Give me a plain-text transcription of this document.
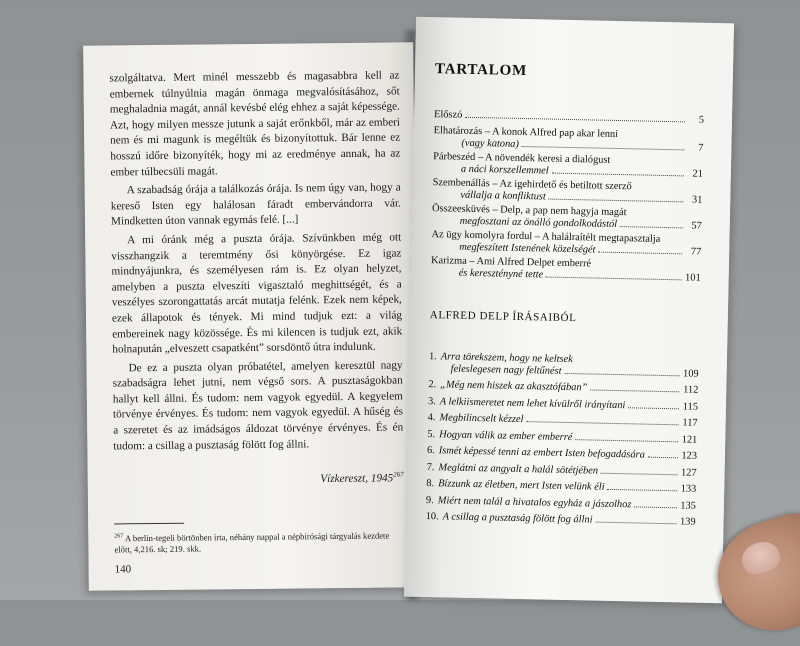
szolgáltatva. Mert minél messzebb és magasabbra kell az embernek túlnyúlnia magán önmaga megvalósításához, sőt meghaladnia magát, annál kevésbé elég ehhez a saját képessége. Azt, hogy milyen messze jutunk a saját erőnkből, már az emberi nem és mi magunk is megéltük és bizonyítottuk. Bár lenne ez hosszú időre bizonyíték, hogy mi az eredménye annak, ha az ember túlbecsüli magát.

A szabadság órája a találkozás órája. Is nem úgy van, hogy a kereső Isten egy halálosan fáradt embervándorra vár. Mindketten úton vannak egymás felé. [...]

A mi óránk még a puszta órája. Szívünkben még ott visszhangzik a teremtmény ősi könyörgése. Ez igaz mindnyájunkra, és személyesen rám is. Ez olyan helyzet, amelyben a puszta elveszíti vigasztaló meghittségét, és a veszélyes szorongattatás arcát mutatja felénk. Ezek nem képek, ezek állapotok és tények. Mi mind tudjuk ezt: a világ embereinek nagy közössége. És mi kilencen is tudjuk ezt, akik holnapután „elveszett csapatként” sorsdöntő útra indulunk.

De ez a puszta olyan próbatétel, amelyen keresztül nagy szabadságra lehet jutni, nem végső sors. A pusztaságokban hallyt kell állni. És tudom: nem vagyok egyedül. A kegyelem törvénye érvényes. És tudom: nem vagyok egyedül. A hűség és a szeretet és az imádságos áldozat törvénye érvényes. És én tudom: a csillag a pusztaság fölött fog állni.

Vízkereszt, 1945$^{267}$
$^{267}$ A berlin-tegeli börtönben írta, néhány nappal a népbírósági tárgyalás kezdete előtt, 4,216. sk; 219. skk.
140
TARTALOM
Előszó	5
Elhatározás – A konok Alfred pap akar lenni
(vagy katona)	7
Párbeszéd – A növendék keresi a dialógust
a náci korszellemmel	21
Szembenállás – Az igehirdető és betiltott szerző
vállalja a konfliktust	31
Összeesküvés – Delp, a pap nem hagyja magát
megfosztani az önálló gondolkodástól	57
Az ügy komolyra fordul – A halálraítélt megtapasztalja
megfeszített Istenének közelségét	77
Karizma – Ami Alfred Delpet emberré
és keresztényné tette	101
ALFRED DELP ÍRÁSAIBÓL
1. Arra törekszem, hogy ne keltsek
feleslegesen nagy feltűnést	109
2. „Még nem hiszek az akasztófában”	112
3. A lelkiismeretet nem lehet kívülről irányítani	115
4. Megbilincselt kézzel	117
5. Hogyan válik az ember emberré	121
6. Ismét képessé tenni az embert Isten befogadására	123
7. Meglátni az angyalt a halál sötétjében	127
8. Bízzunk az életben, mert Isten velünk éli	133
9. Miért nem talál a hivatalos egyház a jászolhoz	135
10. A csillag a pusztaság fölött fog állni	139
